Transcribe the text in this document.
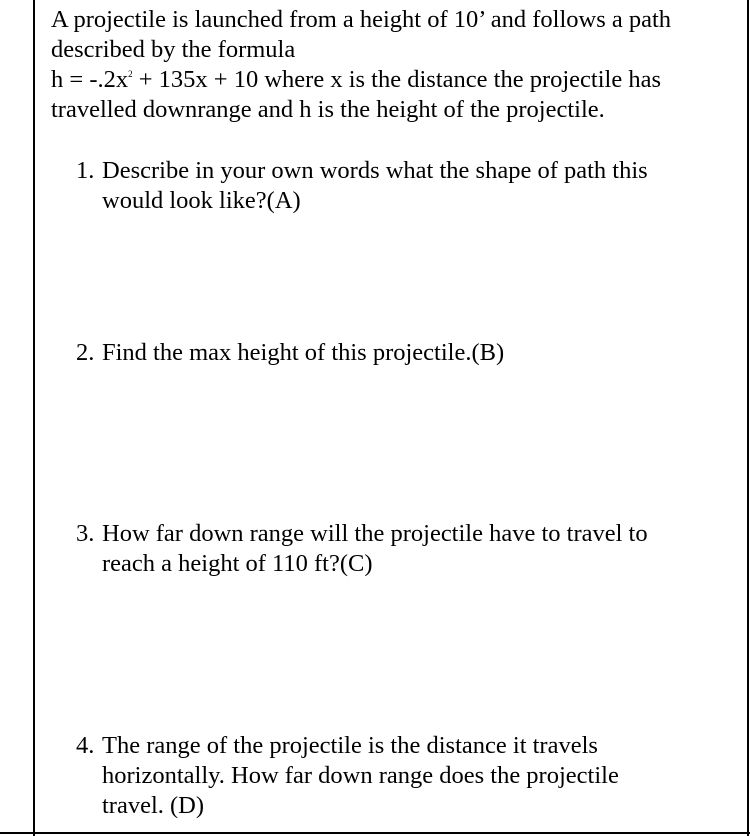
A projectile is launched from a height of 10’ and follows a path
described by the formula
$h = -.2x^2 + 135x + 10$ where x is the distance the projectile has
travelled downrange and h is the height of the projectile.
1. Describe in your own words what the shape of path this
would look like?(A)
2. Find the max height of this projectile.(B)
3. How far down range will the projectile have to travel to
reach a height of 110 ft?(C)
4. The range of the projectile is the distance it travels
horizontally. How far down range does the projectile
travel. (D)
